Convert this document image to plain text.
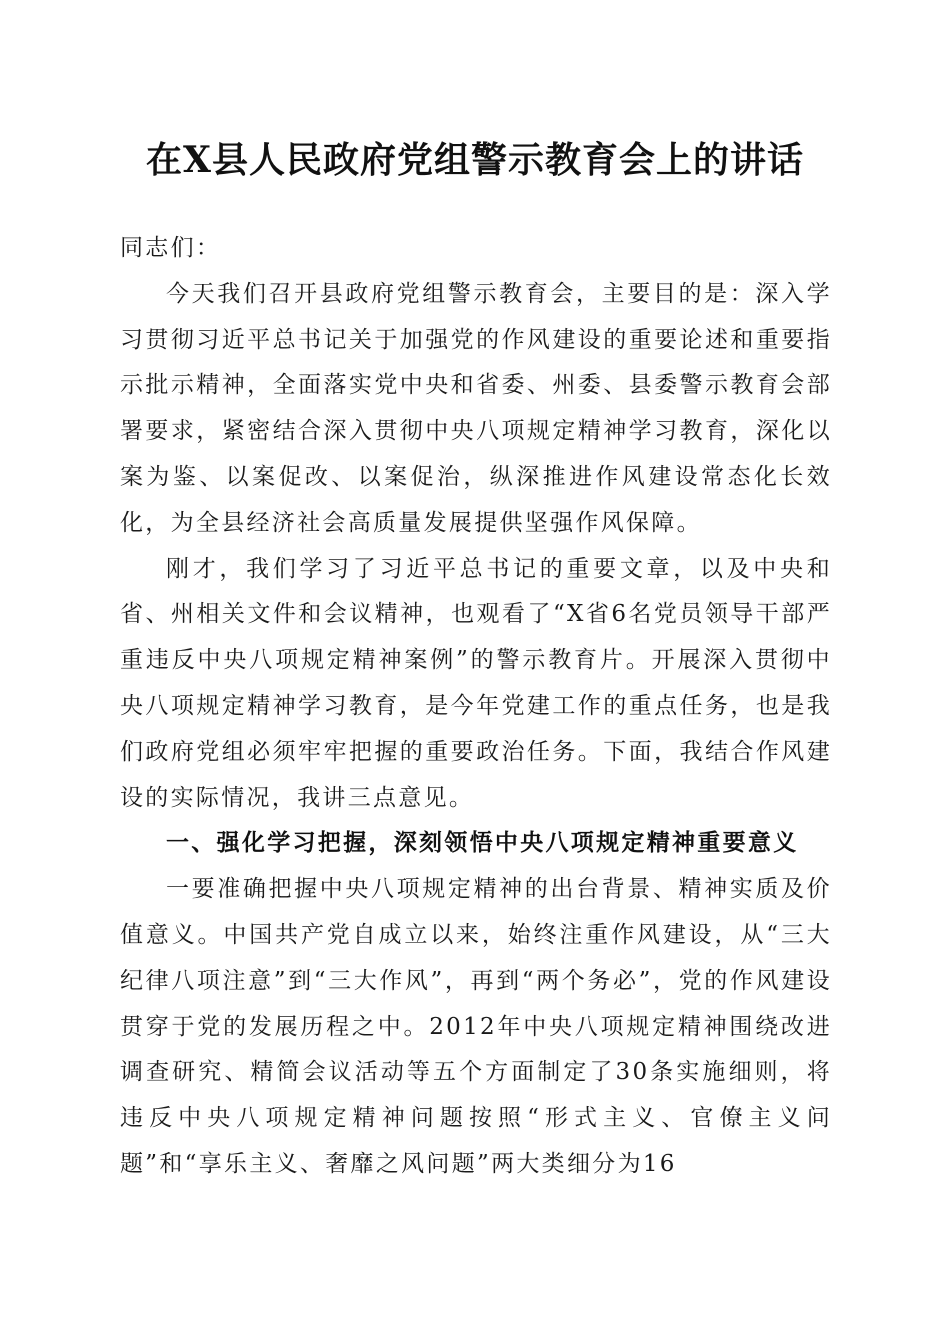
在X县人民政府党组警示教育会上的讲话

同志们：

今天我们召开县政府党组警示教育会，主要目的是：深入学习贯彻习近平总书记关于加强党的作风建设的重要论述和重要指示批示精神，全面落实党中央和省委、州委、县委警示教育会部署要求，紧密结合深入贯彻中央八项规定精神学习教育，深化以案为鉴、以案促改、以案促治，纵深推进作风建设常态化长效化，为全县经济社会高质量发展提供坚强作风保障。

刚才，我们学习了习近平总书记的重要文章，以及中央和省、州相关文件和会议精神，也观看了“X省6名党员领导干部严重违反中央八项规定精神案例”的警示教育片。开展深入贯彻中央八项规定精神学习教育，是今年党建工作的重点任务，也是我们政府党组必须牢牢把握的重要政治任务。下面，我结合作风建设的实际情况，我讲三点意见。

一、强化学习把握，深刻领悟中央八项规定精神重要意义

一要准确把握中央八项规定精神的出台背景、精神实质及价值意义。中国共产党自成立以来，始终注重作风建设，从“三大纪律八项注意”到“三大作风”，再到“两个务必”，党的作风建设贯穿于党的发展历程之中。2012年中央八项规定精神围绕改进调查研究、精简会议活动等五个方面制定了30条实施细则，将违反中央八项规定精神问题按照“形式主义、官僚主义问题”和“享乐主义、奢靡之风问题”两大类细分为16
